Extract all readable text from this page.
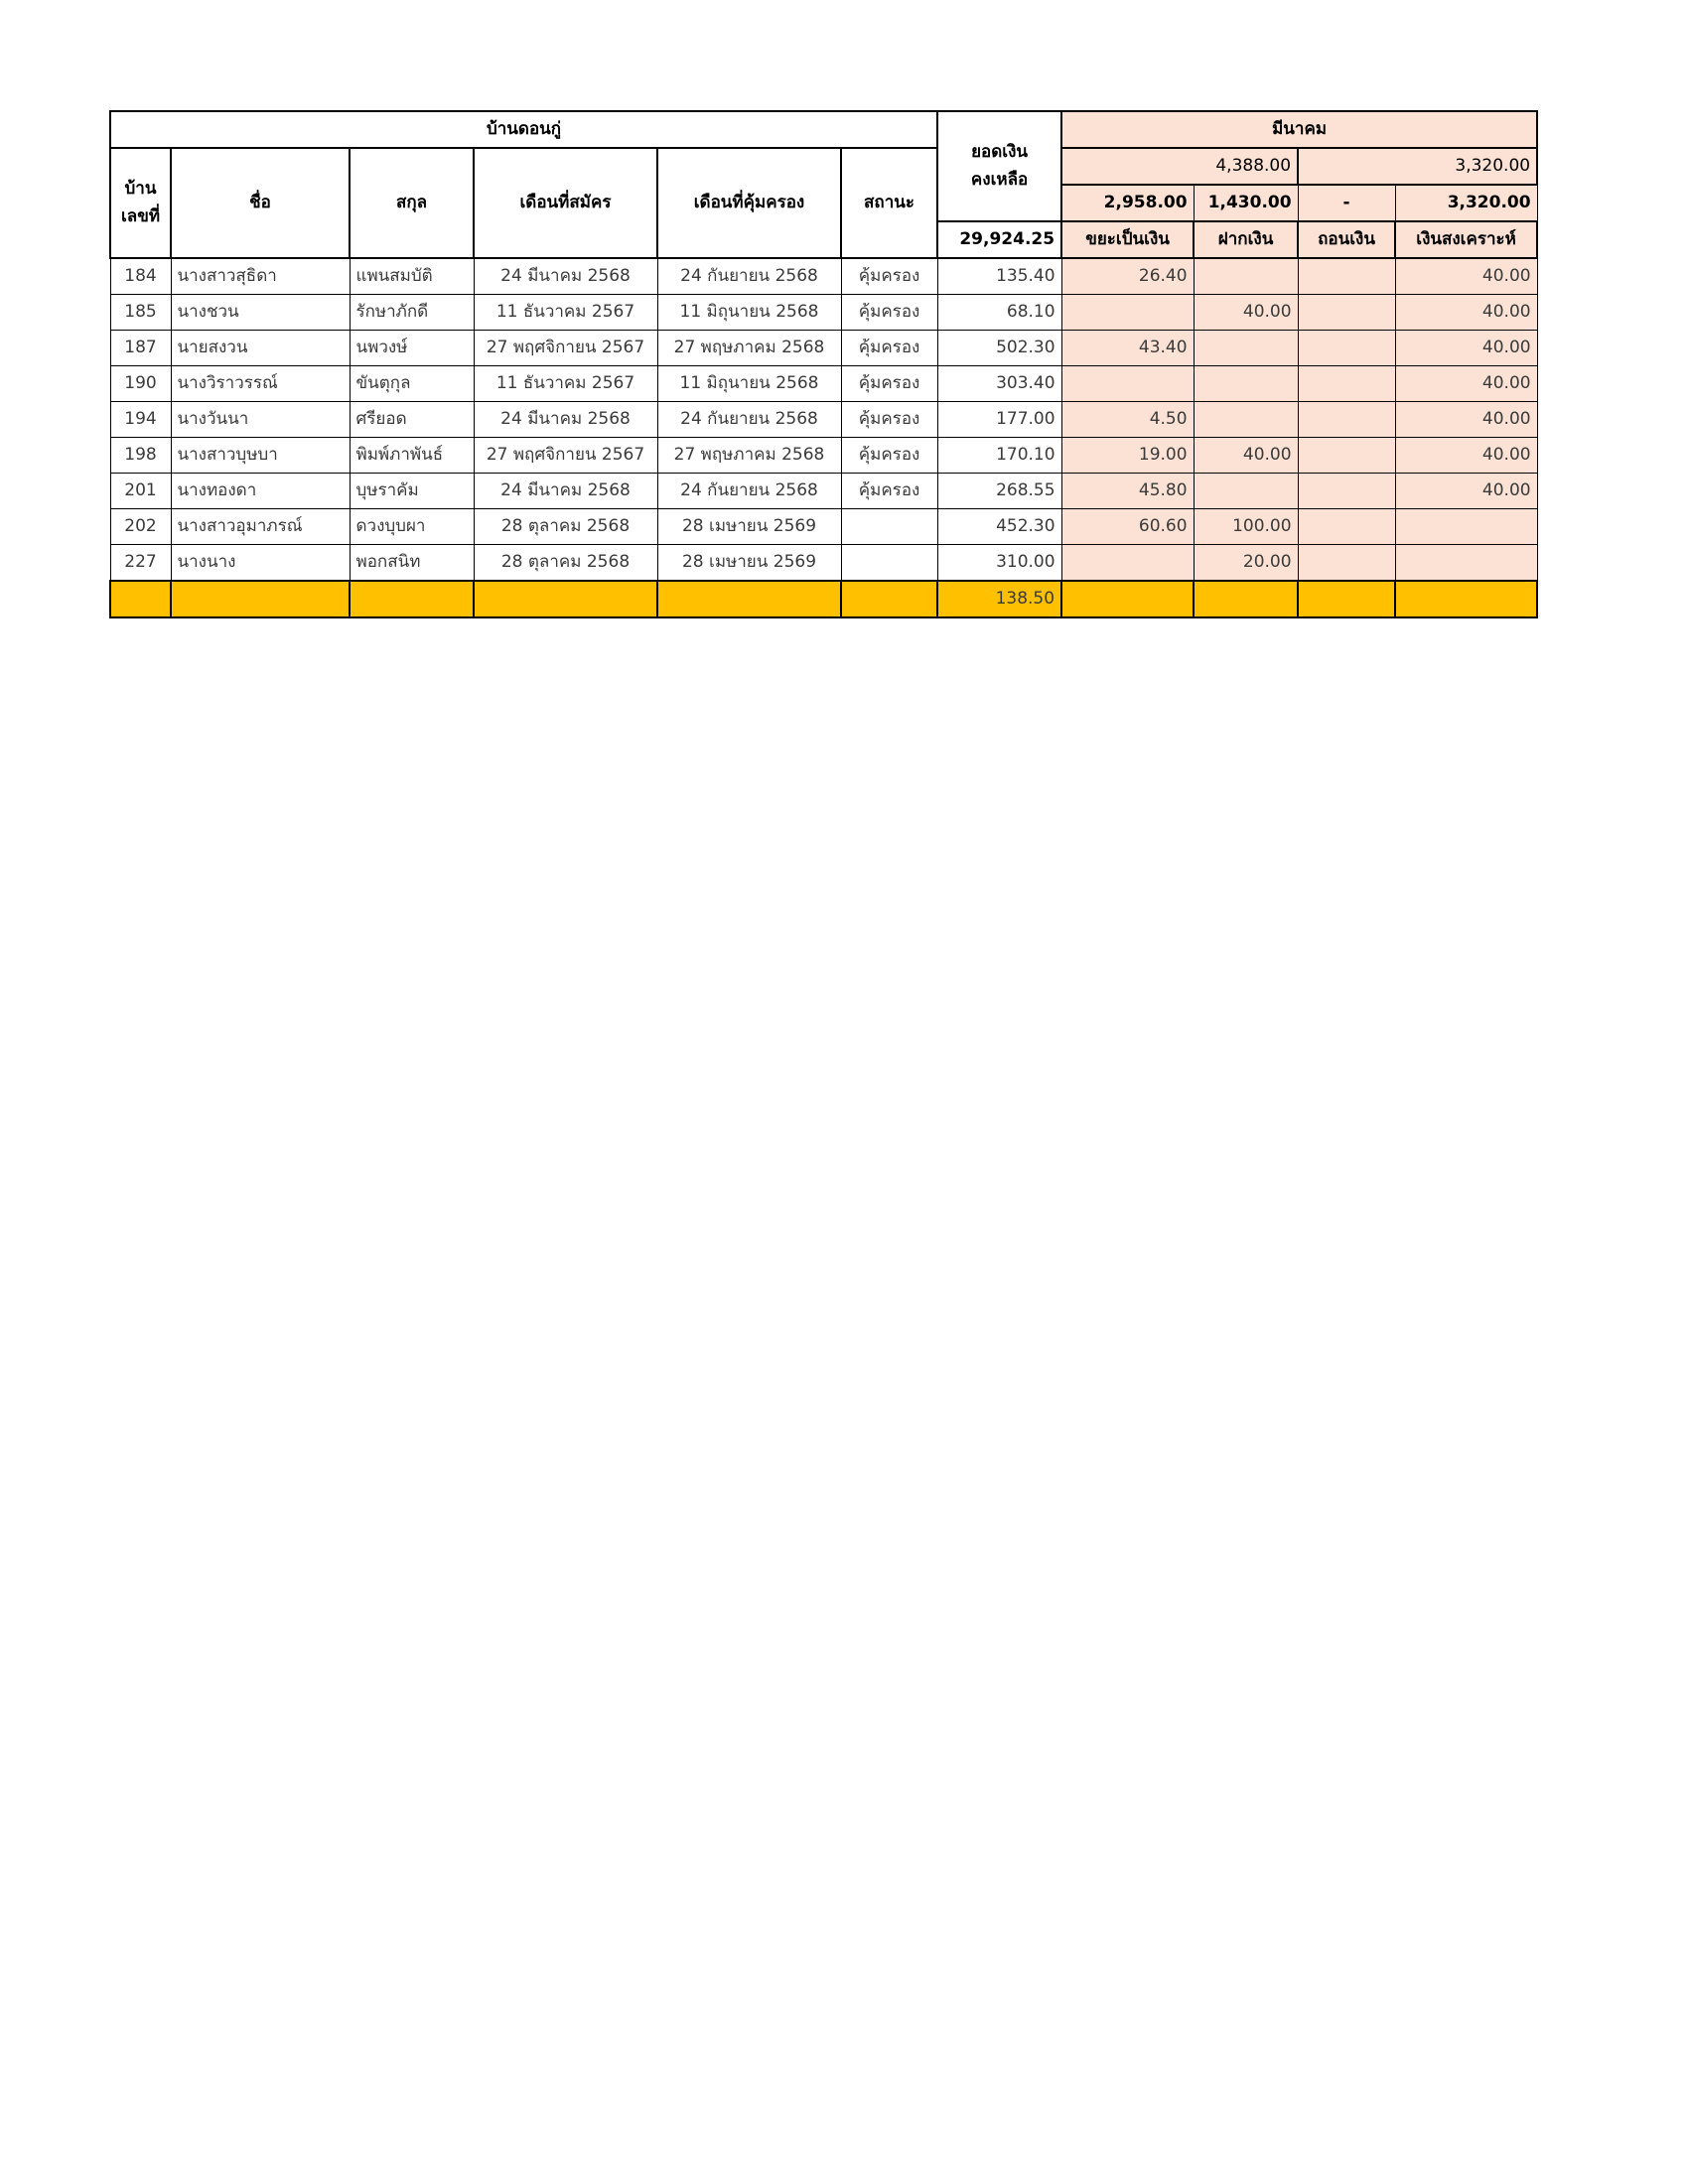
บ้านดอนกู่						ยอดเงิน
คงเหลือ	มีนาคม			

บ้าน
เลขที่	ชื่อ	สกุล	เดือนที่สมัคร	เดือนที่คุ้มครอง	สถานะ		4,388.00		3,320.00	
							2,958.00	1,430.00	-	3,320.00
						29,924.25	ขยะเป็นเงิน	ฝากเงิน	ถอนเงิน	เงินสงเคราะห์
184	นางสาวสุธิดา	แพนสมบัติ	24 มีนาคม 2568	24 กันยายน 2568	คุ้มครอง	135.40	26.40			40.00
185	นางชวน	รักษาภักดี	11 ธันวาคม 2567	11 มิถุนายน 2568	คุ้มครอง	68.10		40.00		40.00
187	นายสงวน	นพวงษ์	27 พฤศจิกายน 2567	27 พฤษภาคม 2568	คุ้มครอง	502.30	43.40			40.00
190	นางวิราวรรณ์	ขันตุกุล	11 ธันวาคม 2567	11 มิถุนายน 2568	คุ้มครอง	303.40				40.00
194	นางวันนา	ศรียอด	24 มีนาคม 2568	24 กันยายน 2568	คุ้มครอง	177.00	4.50			40.00
198	นางสาวบุษบา	พิมพ์ภาพันธ์	27 พฤศจิกายน 2567	27 พฤษภาคม 2568	คุ้มครอง	170.10	19.00	40.00		40.00
201	นางทองดา	บุษราคัม	24 มีนาคม 2568	24 กันยายน 2568	คุ้มครอง	268.55	45.80			40.00
202	นางสาวอุมาภรณ์	ดวงบุบผา	28 ตุลาคม 2568	28 เมษายน 2569		452.30	60.60	100.00		
227	นางนาง	พอกสนิท	28 ตุลาคม 2568	28 เมษายน 2569		310.00		20.00		
						138.50				
